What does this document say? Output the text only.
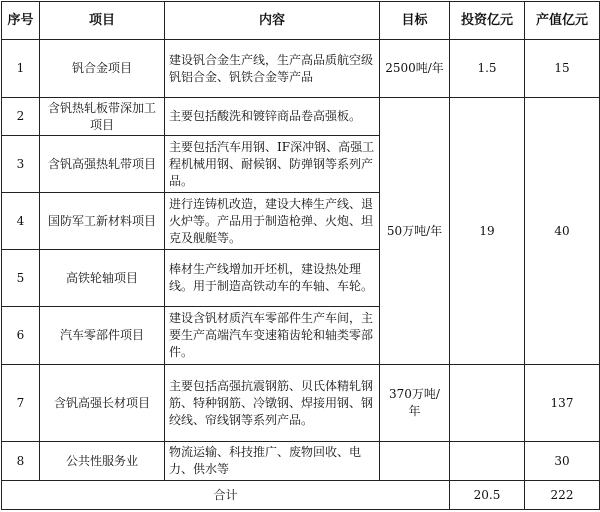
序号	项目	内容	目标	投资亿元	产值亿元
1	钒合金项目	建设钒合金生产线，生产高品质航空级钒铝合金、钒铁合金等产品	2500吨/年	1.5	15
2	含钒热轧板带深加工项目	主要包括酸洗和镀锌商品卷高强板。	50万吨/年	19	40
3	含钒高强热轧带项目	主要包括汽车用钢、IF深冲钢、高强工程机械用钢、耐候钢、防弹钢等系列产品。			
4	国防军工新材料项目	进行连铸机改造，建设大棒生产线、退火炉等。产品用于制造枪弹、火炮、坦克及舰艇等。			
5	高铁轮轴项目	棒材生产线增加开坯机，建设热处理线。用于制造高铁动车的车轴、车轮。			
6	汽车零部件项目	建设含钒材质汽车零部件生产车间，主要生产高端汽车变速箱齿轮和轴类零部件。			
7	含钒高强长材项目	主要包括高强抗震钢筋、贝氏体精轧钢筋、特种钢筋、冷镦钢、焊接用钢、钢绞线、帘线钢等系列产品。	370万吨/年		137
8	公共性服务业	物流运输、科技推广、废物回收、电力、供水等			30
合计				20.5	222
